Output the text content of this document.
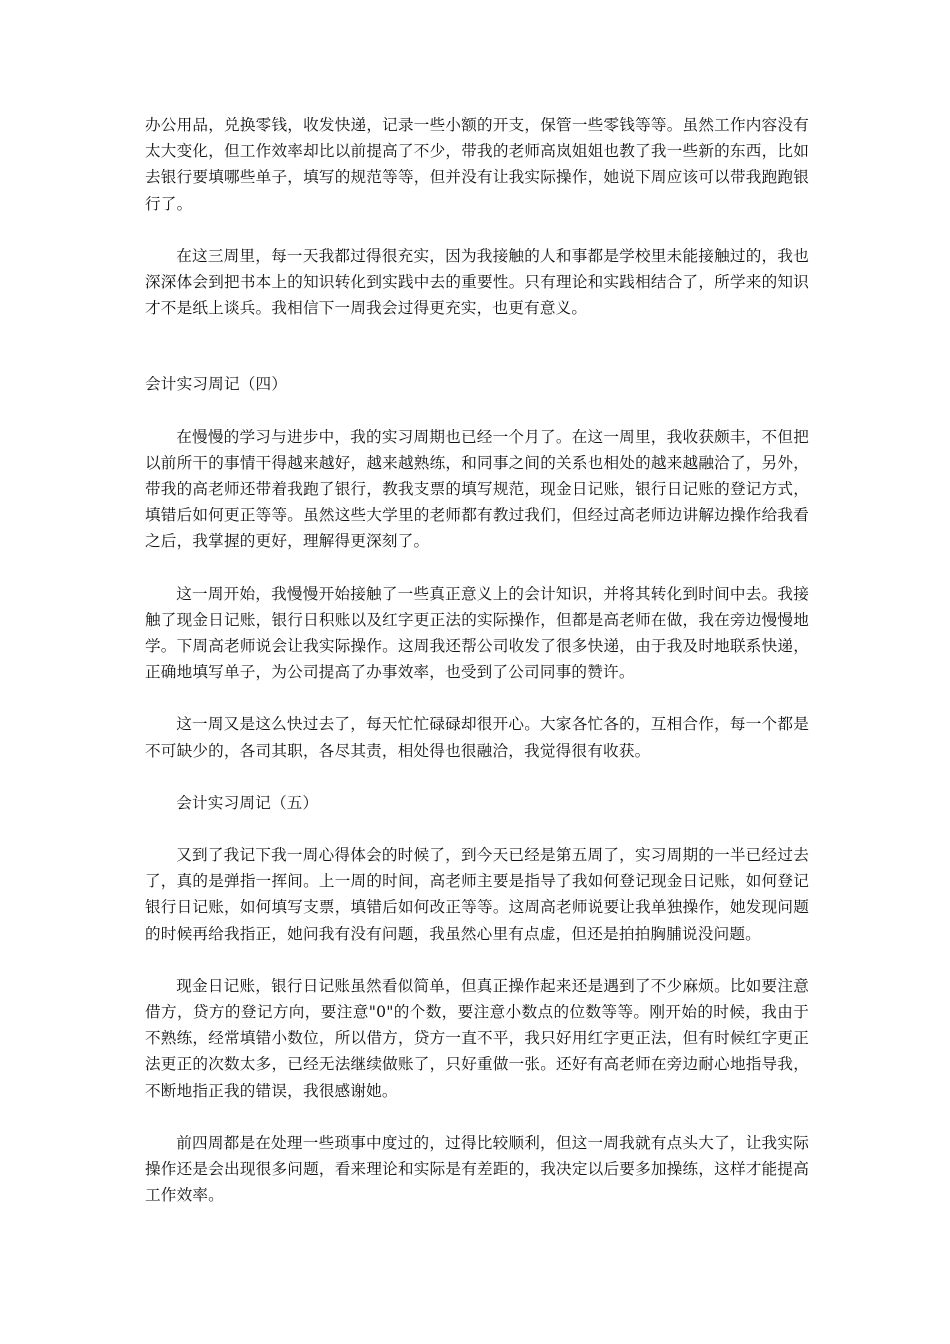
办公用品，兑换零钱，收发快递，记录一些小额的开支，保管一些零钱等等。虽然工作内容没有太大变化，但工作效率却比以前提高了不少，带我的老师高岚姐姐也教了我一些新的东西，比如去银行要填哪些单子，填写的规范等等，但并没有让我实际操作，她说下周应该可以带我跑跑银行了。

在这三周里，每一天我都过得很充实，因为我接触的人和事都是学校里未能接触过的，我也深深体会到把书本上的知识转化到实践中去的重要性。只有理论和实践相结合了，所学来的知识才不是纸上谈兵。我相信下一周我会过得更充实，也更有意义。

会计实习周记（四）

在慢慢的学习与进步中，我的实习周期也已经一个月了。在这一周里，我收获颇丰，不但把以前所干的事情干得越来越好，越来越熟练，和同事之间的关系也相处的越来越融洽了，另外，带我的高老师还带着我跑了银行，教我支票的填写规范，现金日记账，银行日记账的登记方式，填错后如何更正等等。虽然这些大学里的老师都有教过我们，但经过高老师边讲解边操作给我看之后，我掌握的更好，理解得更深刻了。

这一周开始，我慢慢开始接触了一些真正意义上的会计知识，并将其转化到时间中去。我接触了现金日记账，银行日积账以及红字更正法的实际操作，但都是高老师在做，我在旁边慢慢地学。下周高老师说会让我实际操作。这周我还帮公司收发了很多快递，由于我及时地联系快递，正确地填写单子，为公司提高了办事效率，也受到了公司同事的赞许。

这一周又是这么快过去了，每天忙忙碌碌却很开心。大家各忙各的，互相合作，每一个都是不可缺少的，各司其职，各尽其责，相处得也很融洽，我觉得很有收获。

会计实习周记（五）

又到了我记下我一周心得体会的时候了，到今天已经是第五周了，实习周期的一半已经过去了，真的是弹指一挥间。上一周的时间，高老师主要是指导了我如何登记现金日记账，如何登记银行日记账，如何填写支票，填错后如何改正等等。这周高老师说要让我单独操作，她发现问题的时候再给我指正，她问我有没有问题，我虽然心里有点虚，但还是拍拍胸脯说没问题。

现金日记账，银行日记账虽然看似简单，但真正操作起来还是遇到了不少麻烦。比如要注意借方，贷方的登记方向，要注意"0"的个数，要注意小数点的位数等等。刚开始的时候，我由于不熟练，经常填错小数位，所以借方，贷方一直不平，我只好用红字更正法，但有时候红字更正法更正的次数太多，已经无法继续做账了，只好重做一张。还好有高老师在旁边耐心地指导我，不断地指正我的错误，我很感谢她。

前四周都是在处理一些琐事中度过的，过得比较顺利，但这一周我就有点头大了，让我实际操作还是会出现很多问题，看来理论和实际是有差距的，我决定以后要多加操练，这样才能提高工作效率。
